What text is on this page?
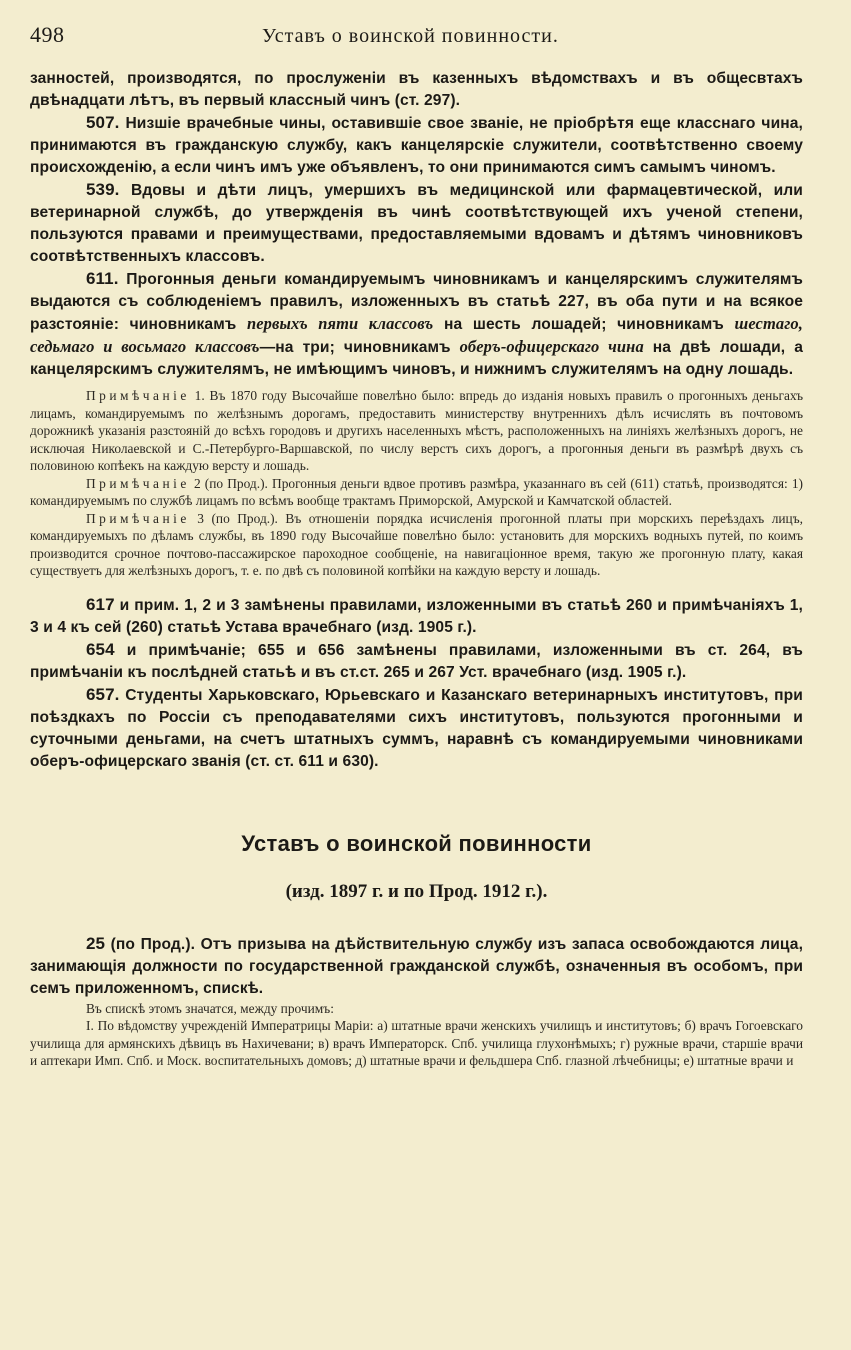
498	Уставъ о воинской повинности.

занностей, производятся, по прослуженіи въ казенныхъ вѣдомствахъ и въ общесвтахъ двѣнадцати лѣтъ, въ первый классный чинъ (ст. 297).

507. Низшіе врачебные чины, оставившіе свое званіе, не пріобрѣтя еще класснаго чина, принимаются въ гражданскую службу, какъ канцелярскіе служители, соотвѣтственно своему происхожденію, а если чинъ имъ уже объявленъ, то они принимаются симъ самымъ чиномъ.

539. Вдовы и дѣти лицъ, умершихъ въ медицинской или фармацевтической, или ветеринарной службѣ, до утвержденія въ чинѣ соотвѣтствующей ихъ ученой степени, пользуются правами и преимуществами, предоставляемыми вдовамъ и дѣтямъ чиновниковъ соотвѣтственныхъ классовъ.

611. Прогонныя деньги командируемымъ чиновникамъ и канцелярскимъ служителямъ выдаются съ соблюденіемъ правилъ, изложенныхъ въ статьѣ 227, въ оба пути и на всякое разстояніе: чиновникамъ первыхъ пяти классовъ на шесть лошадей; чиновникамъ шестаго, седьмаго и восьмаго классовъ—на три; чиновникамъ оберъ-офицерскаго чина на двѣ лошади, а канцелярскимъ служителямъ, не имѣющимъ чиновъ, и нижнимъ служителямъ на одну лошадь.

Примѣчаніе 1. Въ 1870 году Высочайше повелѣно было: впредь до изданія новыхъ правилъ о прогонныхъ деньгахъ лицамъ, командируемымъ по желѣзнымъ дорогамъ, предоставить министерству внутреннихъ дѣлъ исчислять въ почтовомъ дорожникѣ указанія разстояній до всѣхъ городовъ и другихъ населенныхъ мѣстъ, расположенныхъ на линіяхъ желѣзныхъ дорогъ, не исключая Николаевской и С.-Петербурго-Варшавской, по числу верстъ сихъ дорогъ, а прогонныя деньги въ размѣрѣ двухъ съ половиною копѣекъ на каждую версту и лошадь.

Примѣчаніе 2 (по Прод.). Прогонныя деньги вдвое противъ размѣра, указаннаго въ сей (611) статьѣ, производятся: 1) командируемымъ по службѣ лицамъ по всѣмъ вообще трактамъ Приморской, Амурской и Камчатской областей.

Примѣчаніе 3 (по Прод.). Въ отношеніи порядка исчисленія прогонной платы при морскихъ переѣздахъ лицъ, командируемыхъ по дѣламъ службы, въ 1890 году Высочайше повелѣно было: установить для морскихъ водныхъ путей, по коимъ производится срочное почтово-пассажирское пароходное сообщеніе, на навигаціонное время, такую же прогонную плату, какая существуетъ для желѣзныхъ дорогъ, т. е. по двѣ съ половиной копѣйки на каждую версту и лошадь.

617 и прим. 1, 2 и 3 замѣнены правилами, изложенными въ статьѣ 260 и примѣчаніяхъ 1, 3 и 4 къ сей (260) статьѣ Устава врачебнаго (изд. 1905 г.).

654 и примѣчаніе; 655 и 656 замѣнены правилами, изложенными въ ст. 264, въ примѣчаніи къ послѣдней статьѣ и въ ст.ст. 265 и 267 Уст. врачебнаго (изд. 1905 г.).

657. Студенты Харьковскаго, Юрьевскаго и Казанскаго ветеринарныхъ институтовъ, при поѣздкахъ по Россіи съ преподавателями сихъ институтовъ, пользуются прогонными и суточными деньгами, на счетъ штатныхъ суммъ, наравнѣ съ командируемыми чиновниками оберъ-офицерскаго званія (ст. ст. 611 и 630).

Уставъ о воинской повинности
(изд. 1897 г. и по Прод. 1912 г.).

25 (по Прод.). Отъ призыва на дѣйствительную службу изъ запаса освобождаются лица, занимающія должности по государственной гражданской службѣ, означенныя въ особомъ, при семъ приложенномъ, спискѣ.

Въ спискѣ этомъ значатся, между прочимъ:

I. По вѣдомству учрежденій Императрицы Маріи: а) штатные врачи женскихъ училищъ и институтовъ; б) врачъ Гогоевскаго училища для армянскихъ дѣвицъ въ Нахичевани; в) врачъ Императорск. Спб. училища глухонѣмыхъ; г) ружные врачи, старшіе врачи и аптекари Имп. Спб. и Моск. воспитательныхъ домовъ; д) штатные врачи и фельдшера Спб. глазной лѣчебницы; е) штатные врачи и
